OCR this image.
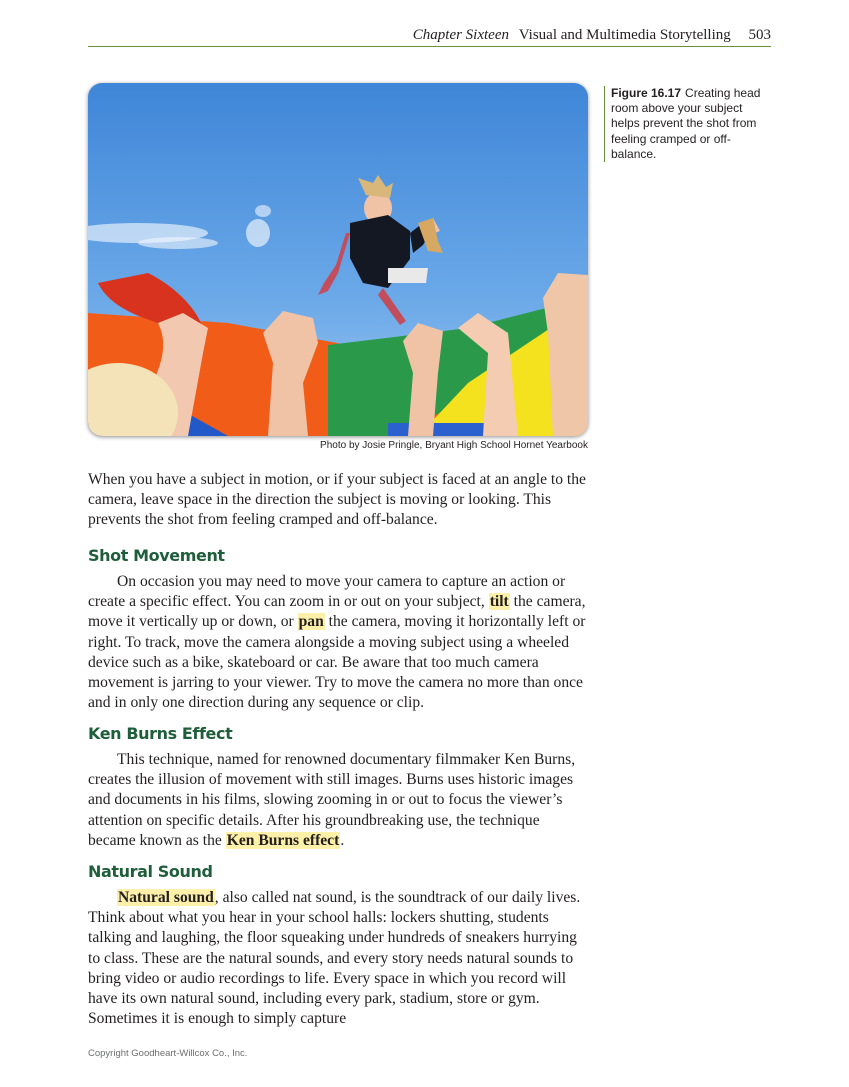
Chapter Sixteen Visual and Multimedia Storytelling 503
Photo by Josie Pringle, Bryant High School Hornet Yearbook
Figure 16.17 Creating head room above your subject helps prevent the shot from feeling cramped or off-balance.

When you have a subject in motion, or if your subject is faced at an angle to the camera, leave space in the direction the subject is moving or looking. This prevents the shot from feeling cramped and off-balance.

Shot Movement
On occasion you may need to move your camera to capture an action or create a specific effect. You can zoom in or out on your subject, tilt the camera, move it vertically up or down, or pan the camera, moving it horizontally left or right. To track, move the camera alongside a moving subject using a wheeled device such as a bike, skateboard or car. Be aware that too much camera movement is jarring to your viewer. Try to move the camera no more than once and in only one direction during any sequence or clip.
Ken Burns Effect
This technique, named for renowned documentary filmmaker Ken Burns, creates the illusion of movement with still images. Burns uses historic images and documents in his films, slowing zooming in or out to focus the viewer’s attention on specific details. After his groundbreaking use, the technique became known as the Ken Burns effect.
Natural Sound
Natural sound, also called nat sound, is the soundtrack of our daily lives. Think about what you hear in your school halls: lockers shutting, students talking and laughing, the floor squeaking under hundreds of sneakers hurrying to class. These are the natural sounds, and every story needs natural sounds to bring video or audio recordings to life. Every space in which you record will have its own natural sound, including every park, stadium, store or gym. Sometimes it is enough to simply capture
Copyright Goodheart-Willcox Co., Inc.
